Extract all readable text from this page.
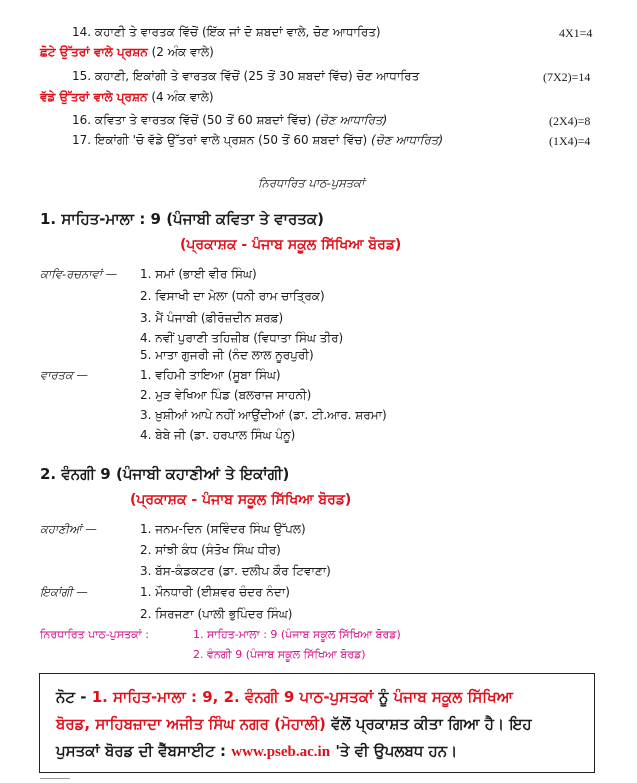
14. ਕਹਾਣੀ ਤੇ ਵਾਰਤਕ ਵਿੱਚੋਂ (ਇੱਕ ਜਾਂ ਦੋ ਸ਼ਬਦਾਂ ਵਾਲੇ, ਚੋਣ ਆਧਾਰਿਤ)	4X1=4
ਛੋਟੇ ਉੱਤਰਾਂ ਵਾਲੇ ਪ੍ਰਸ਼ਨ (2 ਅੰਕ ਵਾਲੇ)
15. ਕਹਾਣੀ, ਇਕਾਂਗੀ ਤੇ ਵਾਰਤਕ ਵਿੱਚੋਂ (25 ਤੋਂ 30 ਸ਼ਬਦਾਂ ਵਿੱਚ) ਚੋਣ ਆਧਾਰਿਤ	(7X2)=14
ਵੱਡੇ ਉੱਤਰਾਂ ਵਾਲੇ ਪ੍ਰਸ਼ਨ (4 ਅੰਕ ਵਾਲੇ)
16. ਕਵਿਤਾ ਤੇ ਵਾਰਤਕ ਵਿੱਚੋਂ (50 ਤੋਂ 60 ਸ਼ਬਦਾਂ ਵਿੱਚ) (ਚੋਣ ਆਧਾਰਿਤ)	(2X4)=8
17. ਇਕਾਂਗੀ 'ਚੋ ਵੱਡੇ ਉੱਤਰਾਂ ਵਾਲੇ ਪ੍ਰਸ਼ਨ (50 ਤੋਂ 60 ਸ਼ਬਦਾਂ ਵਿੱਚ) (ਚੋਣ ਆਧਾਰਿਤ)	(1X4)=4
ਨਿਰਧਾਰਿਤ ਪਾਠ-ਪੁਸਤਕਾਂ
1. ਸਾਹਿਤ-ਮਾਲਾ : 9 (ਪੰਜਾਬੀ ਕਵਿਤਾ ਤੇ ਵਾਰਤਕ)
(ਪ੍ਰਕਾਸ਼ਕ - ਪੰਜਾਬ ਸਕੂਲ ਸਿੱਖਿਆ ਬੋਰਡ)
ਕਾਵਿ-ਰਚਨਾਵਾਂ — 1. ਸਮਾਂ (ਭਾਈ ਵੀਰ ਸਿੰਘ)
2. ਵਿਸਾਖੀ ਦਾ ਮੇਲਾ (ਧਨੀ ਰਾਮ ਚਾਤ੍ਰਿਕ)
3. ਮੈਂ ਪੰਜਾਬੀ (ਫ਼ੀਰੋਜ਼ਦੀਨ ਸ਼ਰਫ਼)
4. ਨਵੀਂ ਪੁਰਾਣੀ ਤਹਿਜ਼ੀਬ (ਵਿਧਾਤਾ ਸਿੰਘ ਤੀਰ)
5. ਮਾਤਾ ਗੁਜਰੀ ਜੀ (ਨੰਦ ਲਾਲ ਨੂਰਪੁਰੀ)
ਵਾਰਤਕ —	1. ਵਹਿਮੀ ਤਾਇਆ (ਸੂਬਾ ਸਿੰਘ)
2. ਮੁੜ ਵੇਖਿਆ ਪਿੰਡ (ਬਲਰਾਜ ਸਾਹਨੀ)
3. ਖ਼ੁਸ਼ੀਆਂ ਆਪੇ ਨਹੀਂ ਆਉਂਦੀਆਂ (ਡਾ. ਟੀ.ਆਰ. ਸ਼ਰਮਾ)
4. ਬੇਬੇ ਜੀ (ਡਾ. ਹਰਪਾਲ ਸਿੰਘ ਪੰਨੂ)
2. ਵੰਨਗੀ 9 (ਪੰਜਾਬੀ ਕਹਾਣੀਆਂ ਤੇ ਇਕਾਂਗੀ)
(ਪ੍ਰਕਾਸ਼ਕ - ਪੰਜਾਬ ਸਕੂਲ ਸਿੱਖਿਆ ਬੋਰਡ)
ਕਹਾਣੀਆਂ —	1. ਜਨਮ-ਦਿਨ (ਸਵਿੰਦਰ ਸਿੰਘ ਉੱਪਲ)
2. ਸਾਂਝੀ ਕੰਧ (ਸੰਤੋਖ ਸਿੰਘ ਧੀਰ)
3. ਬੱਸ-ਕੰਡਕਟਰ (ਡਾ. ਦਲੀਪ ਕੌਰ ਟਿਵਾਣਾ)
ਇਕਾਂਗੀ —	1. ਮੌਨਧਾਰੀ (ਈਸ਼ਵਰ ਚੰਦਰ ਨੰਦਾ)
2. ਸਿਰਜਣਾ (ਪਾਲੀ ਭੁਪਿੰਦਰ ਸਿੰਘ)
ਨਿਰਧਾਰਿਤ ਪਾਠ-ਪੁਸਤਕਾਂ :	1. ਸਾਹਿਤ-ਮਾਲਾ : 9 (ਪੰਜਾਬ ਸਕੂਲ ਸਿੱਖਿਆ ਬੋਰਡ)
2. ਵੰਨਗੀ 9 (ਪੰਜਾਬ ਸਕੂਲ ਸਿੱਖਿਆ ਬੋਰਡ)
ਨੋਟ - 1. ਸਾਹਿਤ-ਮਾਲਾ : 9, 2. ਵੰਨਗੀ 9 ਪਾਠ-ਪੁਸਤਕਾਂ ਨੂੰ ਪੰਜਾਬ ਸਕੂਲ ਸਿੱਖਿਆ
ਬੋਰਡ, ਸਾਹਿਬਜ਼ਾਦਾ ਅਜੀਤ ਸਿੰਘ ਨਗਰ (ਮੋਹਾਲੀ) ਵੱਲੋਂ ਪ੍ਰਕਾਸ਼ਤ ਕੀਤਾ ਗਿਆ ਹੈ। ਇਹ
ਪੁਸਤਕਾਂ ਬੋਰਡ ਦੀ ਵੈੱਬਸਾਈਟ : www.pseb.ac.in 'ਤੇ ਵੀ ਉਪਲਬਧ ਹਨ।
